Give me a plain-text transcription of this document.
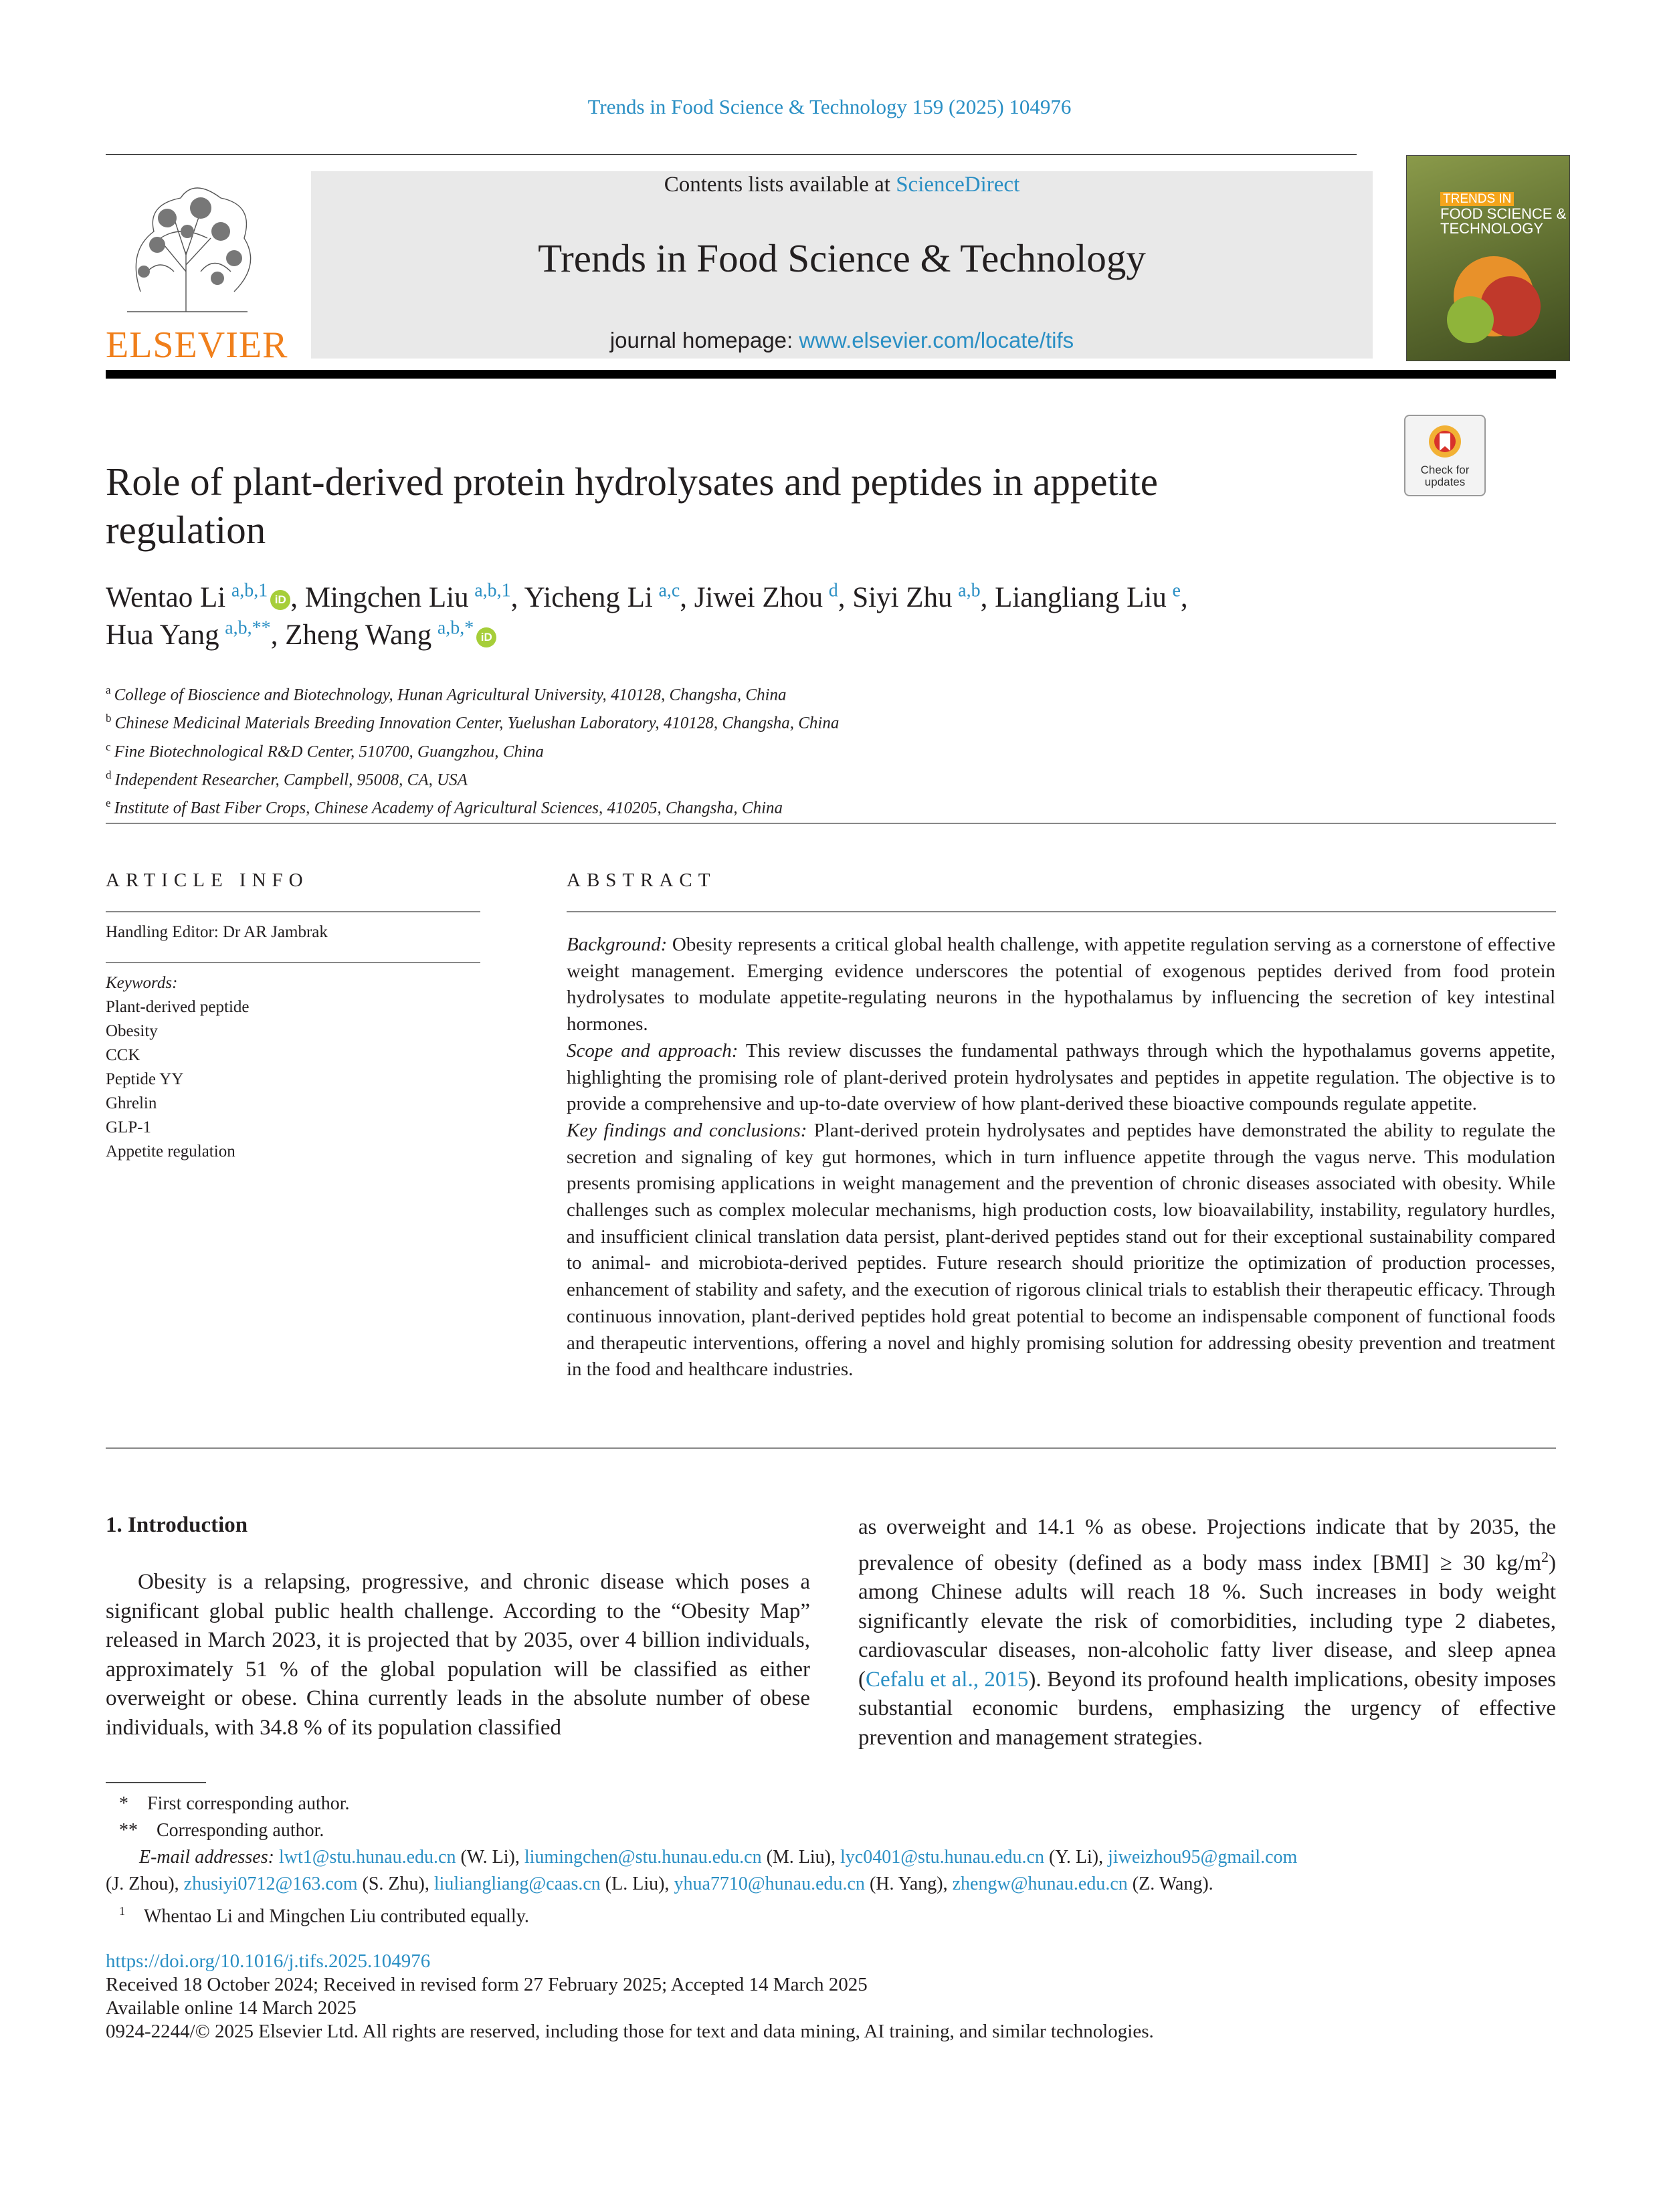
Trends in Food Science & Technology 159 (2025) 104976
ELSEVIER
Contents lists available at ScienceDirect
Trends in Food Science & Technology
journal homepage: www.elsevier.com/locate/tifs
TRENDS IN
FOOD SCIENCE & TECHNOLOGY
Check for updates
Role of plant-derived protein hydrolysates and peptides in appetite regulation
Wentao Li  $^{a,b,1}$ iD , Mingchen Liu  $^{a,b,1}$, Yicheng Li  $^{a,c}$, Jiwei Zhou  $^d$, Siyi Zhu  $^{a,b}$, Liangliang Liu  $^e$,
Hua Yang  $^{a,b,**}$, Zheng Wang  $^{a,b,*}$ iD
$^a$  College of Bioscience and Biotechnology, Hunan Agricultural University, 410128, Changsha, China
$^b$  Chinese Medicinal Materials Breeding Innovation Center, Yuelushan Laboratory, 410128, Changsha, China
$^c$  Fine Biotechnological R&D Center, 510700, Guangzhou, China
$^d$  Independent Researcher, Campbell, 95008, CA, USA
$^e$  Institute of Bast Fiber Crops, Chinese Academy of Agricultural Sciences, 410205, Changsha, China
ARTICLE INFO
Handling Editor: Dr AR Jambrak
Keywords:
Plant-derived peptide
Obesity
CCK
Peptide YY
Ghrelin
GLP-1
Appetite regulation
ABSTRACT
Background: Obesity represents a critical global health challenge, with appetite regulation serving as a cornerstone of effective weight management. Emerging evidence underscores the potential of exogenous peptides derived from food protein hydrolysates to modulate appetite-regulating neurons in the hypothalamus by influencing the secretion of key intestinal hormones.
Scope and approach: This review discusses the fundamental pathways through which the hypothalamus governs appetite, highlighting the promising role of plant-derived protein hydrolysates and peptides in appetite regulation. The objective is to provide a comprehensive and up-to-date overview of how plant-derived these bioactive compounds regulate appetite.
Key findings and conclusions: Plant-derived protein hydrolysates and peptides have demonstrated the ability to regulate the secretion and signaling of key gut hormones, which in turn influence appetite through the vagus nerve. This modulation presents promising applications in weight management and the prevention of chronic diseases associated with obesity. While challenges such as complex molecular mechanisms, high production costs, low bioavailability, instability, regulatory hurdles, and insufficient clinical translation data persist, plant-derived peptides stand out for their exceptional sustainability compared to animal- and microbiota-derived peptides. Future research should prioritize the optimization of production processes, enhancement of stability and safety, and the execution of rigorous clinical trials to establish their therapeutic efficacy. Through continuous innovation, plant-derived peptides hold great potential to become an indispensable component of functional foods and therapeutic interventions, offering a novel and highly promising solution for addressing obesity prevention and treatment in the food and healthcare industries.
1. Introduction
Obesity is a relapsing, progressive, and chronic disease which poses a significant global public health challenge. According to the “Obesity Map” released in March 2023, it is projected that by 2035, over 4 billion individuals, approximately 51 % of the global population will be classified as either overweight or obese. China currently leads in the absolute number of obese individuals, with 34.8 % of its population classified
as overweight and 14.1 % as obese. Projections indicate that by 2035, the prevalence of obesity (defined as a body mass index [BMI] ≥ 30 $kg/m^2$) among Chinese adults will reach 18 %. Such increases in body weight significantly elevate the risk of comorbidities, including type 2 diabetes, cardiovascular diseases, non-alcoholic fatty liver disease, and sleep apnea (Cefalu et al., 2015). Beyond its profound health implications, obesity imposes substantial economic burdens, emphasizing the urgency of effective prevention and management strategies.
* First corresponding author.
** Corresponding author.
E-mail addresses: lwt1@stu.hunau.edu.cn (W. Li), liumingchen@stu.hunau.edu.cn (M. Liu), lyc0401@stu.hunau.edu.cn (Y. Li), jiweizhou95@gmail.com
(J. Zhou), zhusiyi0712@163.com (S. Zhu), liuliangliang@caas.cn (L. Liu), yhua7710@hunau.edu.cn (H. Yang), zhengw@hunau.edu.cn (Z. Wang).
$^1$  Whentao Li and Mingchen Liu contributed equally.
https://doi.org/10.1016/j.tifs.2025.104976
Received 18 October 2024; Received in revised form 27 February 2025; Accepted 14 March 2025
Available online 14 March 2025
0924-2244/© 2025 Elsevier Ltd. All rights are reserved, including those for text and data mining, AI training, and similar technologies.
